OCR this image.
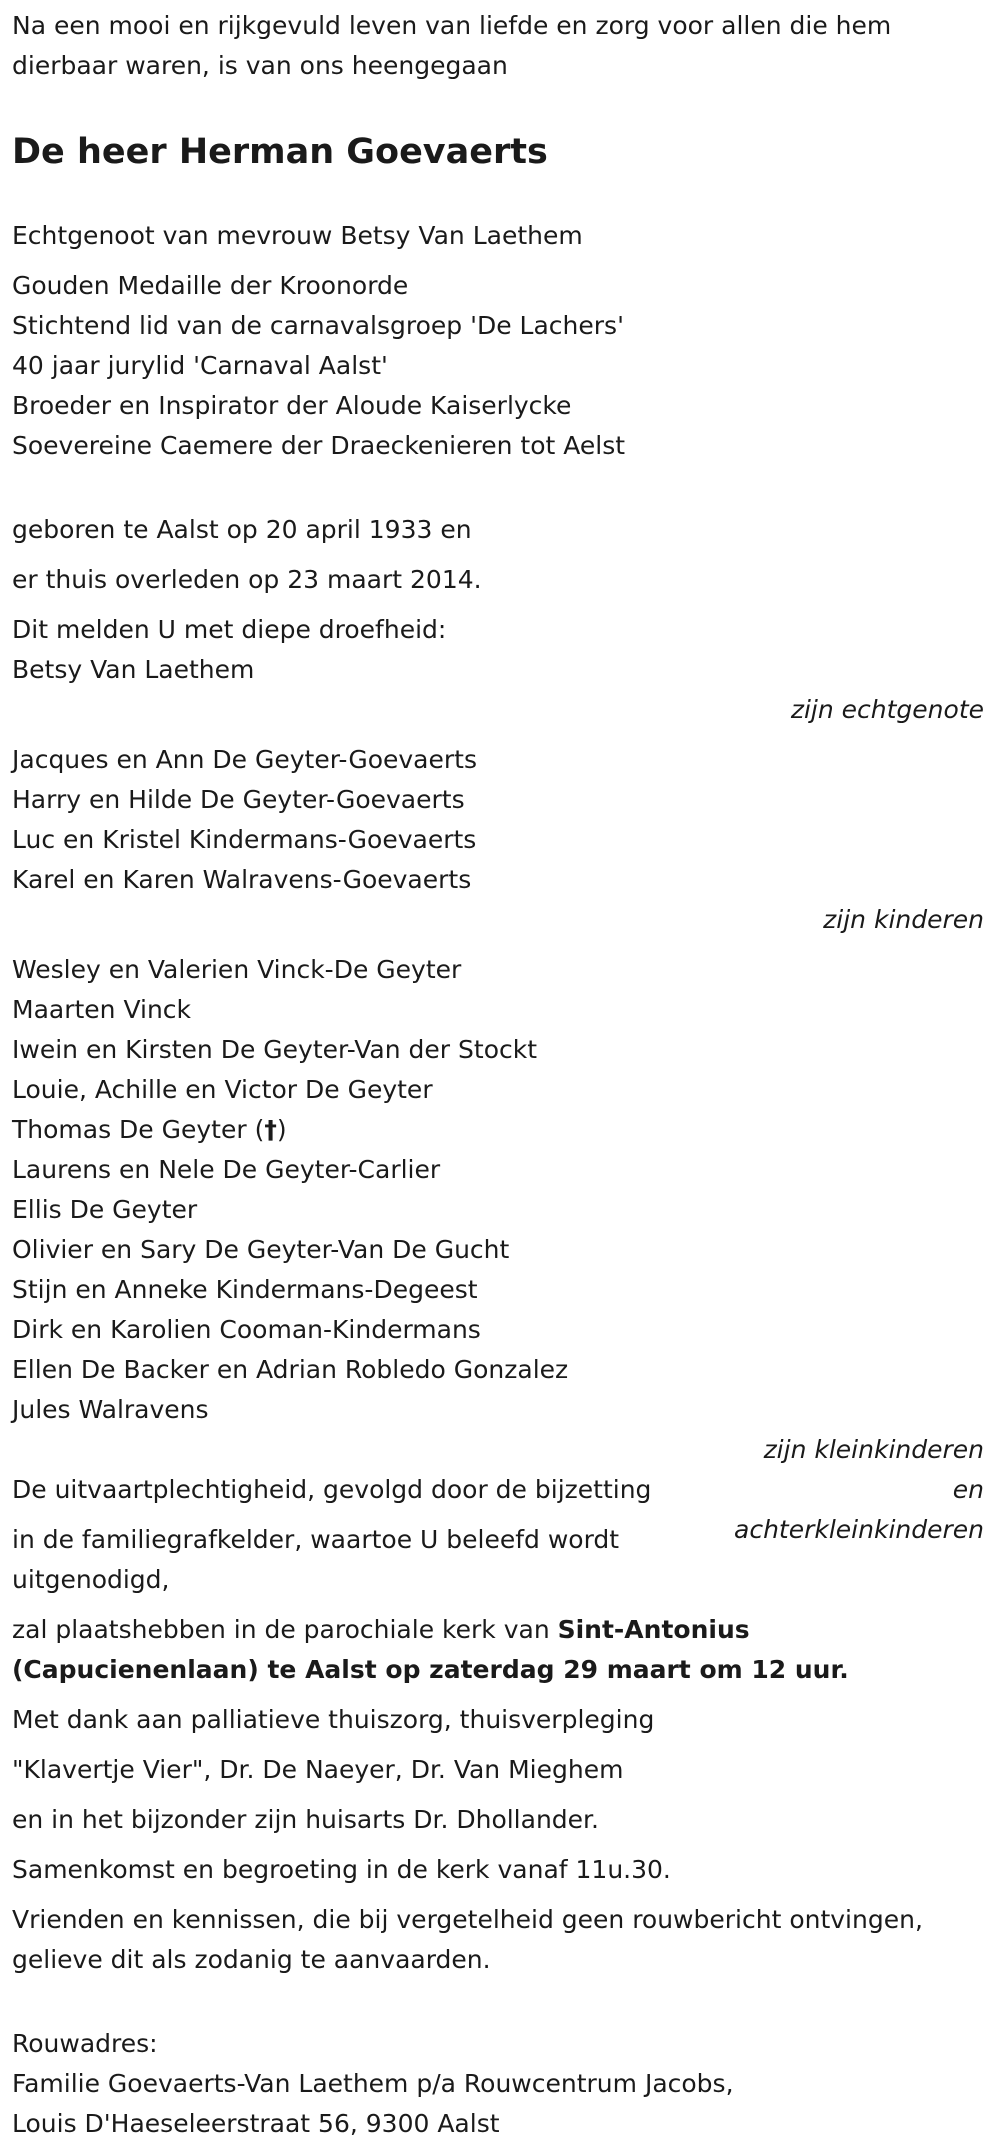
Na een mooi en rijkgevuld leven van liefde en zorg voor allen die hem

dierbaar waren, is van ons heengegaan

De heer Herman Goevaerts

Echtgenoot van mevrouw Betsy Van Laethem

Gouden Medaille der Kroonorde

Stichtend lid van de carnavalsgroep 'De Lachers'

40 jaar jurylid 'Carnaval Aalst'

Broeder en Inspirator der Aloude Kaiserlycke

Soevereine Caemere der Draeckenieren tot Aelst

geboren te Aalst op 20 april 1933 en

er thuis overleden op 23 maart 2014.

Dit melden U met diepe droefheid:

Betsy Van Laethem

zijn echtgenote

Jacques en Ann De Geyter-Goevaerts

Harry en Hilde De Geyter-Goevaerts

Luc en Kristel Kindermans-Goevaerts

Karel en Karen Walravens-Goevaerts

zijn kinderen

Wesley en Valerien Vinck-De Geyter

Maarten Vinck

Iwein en Kirsten De Geyter-Van der Stockt

Louie, Achille en Victor De Geyter

Thomas De Geyter (†)

Laurens en Nele De Geyter-Carlier

Ellis De Geyter

Olivier en Sary De Geyter-Van De Gucht

Stijn en Anneke Kindermans-Degeest

Dirk en Karolien Cooman-Kindermans

Ellen De Backer en Adrian Robledo Gonzalez

Jules Walravens

zijn kleinkinderen

en

achterkleinkinderen

De uitvaartplechtigheid, gevolgd door de bijzetting

in de familiegrafkelder, waartoe U beleefd wordt

uitgenodigd,

zal plaatshebben in de parochiale kerk van Sint-Antonius

(Capucienenlaan) te Aalst op zaterdag 29 maart om 12 uur.

Met dank aan palliatieve thuiszorg, thuisverpleging

"Klavertje Vier", Dr. De Naeyer, Dr. Van Mieghem

en in het bijzonder zijn huisarts Dr. Dhollander.

Samenkomst en begroeting in de kerk vanaf 11u.30.

Vrienden en kennissen, die bij vergetelheid geen rouwbericht ontvingen,

gelieve dit als zodanig te aanvaarden.

Rouwadres:

Familie Goevaerts-Van Laethem p/a Rouwcentrum Jacobs,

Louis D'Haeseleerstraat 56, 9300 Aalst
